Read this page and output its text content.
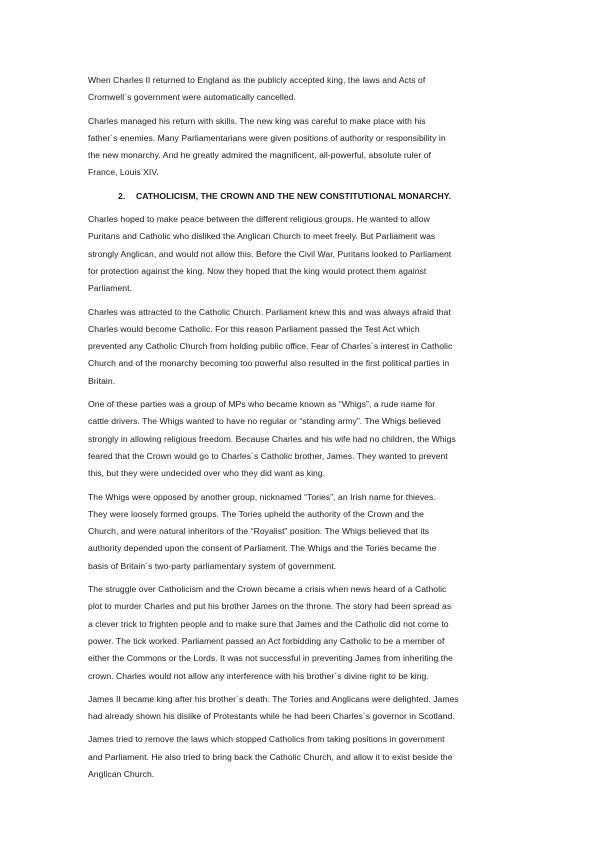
When Charles II returned to England as the publicly accepted king, the laws and Acts of
Cromwell´s government were automatically cancelled.
Charles managed his return with skills. The new king was careful to make place with his
father´s enemies. Many Parliamentarians were given positions of authority or responsibility in
the new monarchy. And he greatly admired the magnificent, all-powerful, absolute ruler of
France, Louis XIV.
2. CATHOLICISM, THE CROWN AND THE NEW CONSTITUTIONAL MONARCHY.
Charles hoped to make peace between the different religious groups. He wanted to allow
Puritans and Catholic who disliked the Anglican Church to meet freely. But Parliament was
strongly Anglican, and would not allow this. Before the Civil War, Puritans looked to Parliament
for protection against the king. Now they hoped that the king would protect them against
Parliament.
Charles was attracted to the Catholic Church. Parliament knew this and was always afraid that
Charles would become Catholic. For this reason Parliament passed the Test Act which
prevented any Catholic Church from holding public office. Fear of Charles´s interest in Catholic
Church and of the monarchy becoming too powerful also resulted in the first political parties in
Britain.
One of these parties was a group of MPs who became known as “Whigs”, a rude name for
cattle drivers. The Whigs wanted to have no regular or “standing army”. The Whigs believed
strongly in allowing religious freedom. Because Charles and his wife had no children, the Whigs
feared that the Crown would go to Charles´s Catholic brother, James. They wanted to prevent
this, but they were undecided over who they did want as king.
The Whigs were opposed by another group, nicknamed “Tories”, an Irish name for thieves.
They were loosely formed groups. The Tories upheld the authority of the Crown and the
Church, and were natural inheritors of the “Royalist” position. The Whigs believed that its
authority depended upon the consent of Parliament. The Whigs and the Tories became the
basis of Britain´s two-party parliamentary system of government.
The struggle over Catholicism and the Crown became a crisis when news heard of a Catholic
plot to murder Charles and put his brother James on the throne. The story had been spread as
a clever trick to frighten people and to make sure that James and the Catholic did not come to
power. The tick worked. Parliament passed an Act forbidding any Catholic to be a member of
either the Commons or the Lords. It was not successful in preventing James from inheriting the
crown. Charles would not allow any interference with his brother´s divine right to be king.
James II became king after his brother´s death. The Tories and Anglicans were delighted. James
had already shown his dislike of Protestants while he had been Charles´s governor in Scotland.
James tried to remove the laws which stopped Catholics from taking positions in government
and Parliament. He also tried to bring back the Catholic Church, and allow it to exist beside the
Anglican Church.
